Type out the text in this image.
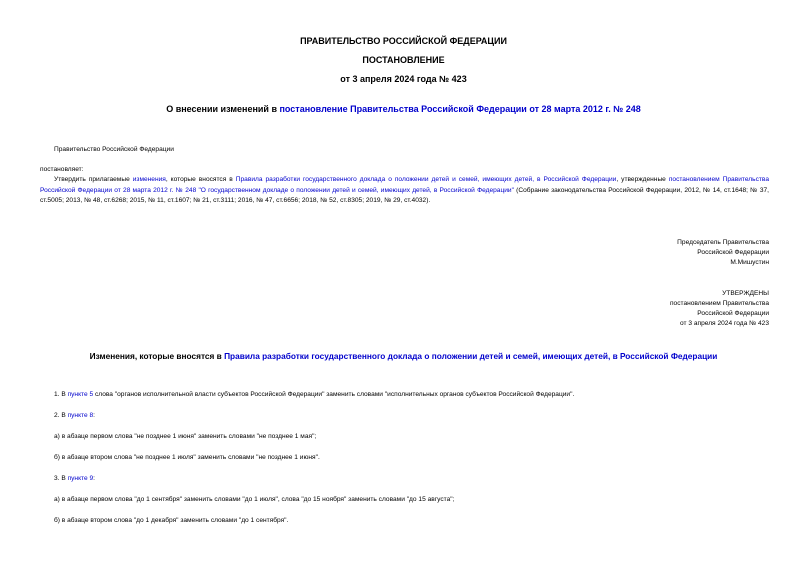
ПРАВИТЕЛЬСТВО РОССИЙСКОЙ ФЕДЕРАЦИИ
ПОСТАНОВЛЕНИЕ
от 3 апреля 2024 года № 423
О внесении изменений в постановление Правительства Российской Федерации от 28 марта 2012 г. № 248
Правительство Российской Федерации
постановляет:
Утвердить прилагаемые изменения, которые вносятся в Правила разработки государственного доклада о положении детей и семей, имеющих детей, в Российской Федерации, утвержденные постановлением Правительства Российской Федерации от 28 марта 2012 г. № 248 "О государственном докладе о положении детей и семей, имеющих детей, в Российской Федерации" (Собрание законодательства Российской Федерации, 2012, № 14, ст.1648; № 37, ст.5005; 2013, № 48, ст.6268; 2015, № 11, ст.1607; № 21, ст.3111; 2016, № 47, ст.6656; 2018, № 52, ст.8305; 2019, № 29, ст.4032).
Председатель Правительства
Российской Федерации
М.Мишустин
УТВЕРЖДЕНЫ
постановлением Правительства
Российской Федерации
от 3 апреля 2024 года № 423
Изменения, которые вносятся в Правила разработки государственного доклада о положении детей и семей, имеющих детей, в Российской Федерации
1. В пункте 5 слова "органов исполнительной власти субъектов Российской Федерации" заменить словами "исполнительных органов субъектов Российской Федерации".
2. В пункте 8:
а) в абзаце первом слова "не позднее 1 июня" заменить словами "не позднее 1 мая";
б) в абзаце втором слова "не позднее 1 июля" заменить словами "не позднее 1 июня".
3. В пункте 9:
а) в абзаце первом слова "до 1 сентября" заменить словами "до 1 июля", слова "до 15 ноября" заменить словами "до 15 августа";
б) в абзаце втором слова "до 1 декабря" заменить словами "до 1 сентября".
